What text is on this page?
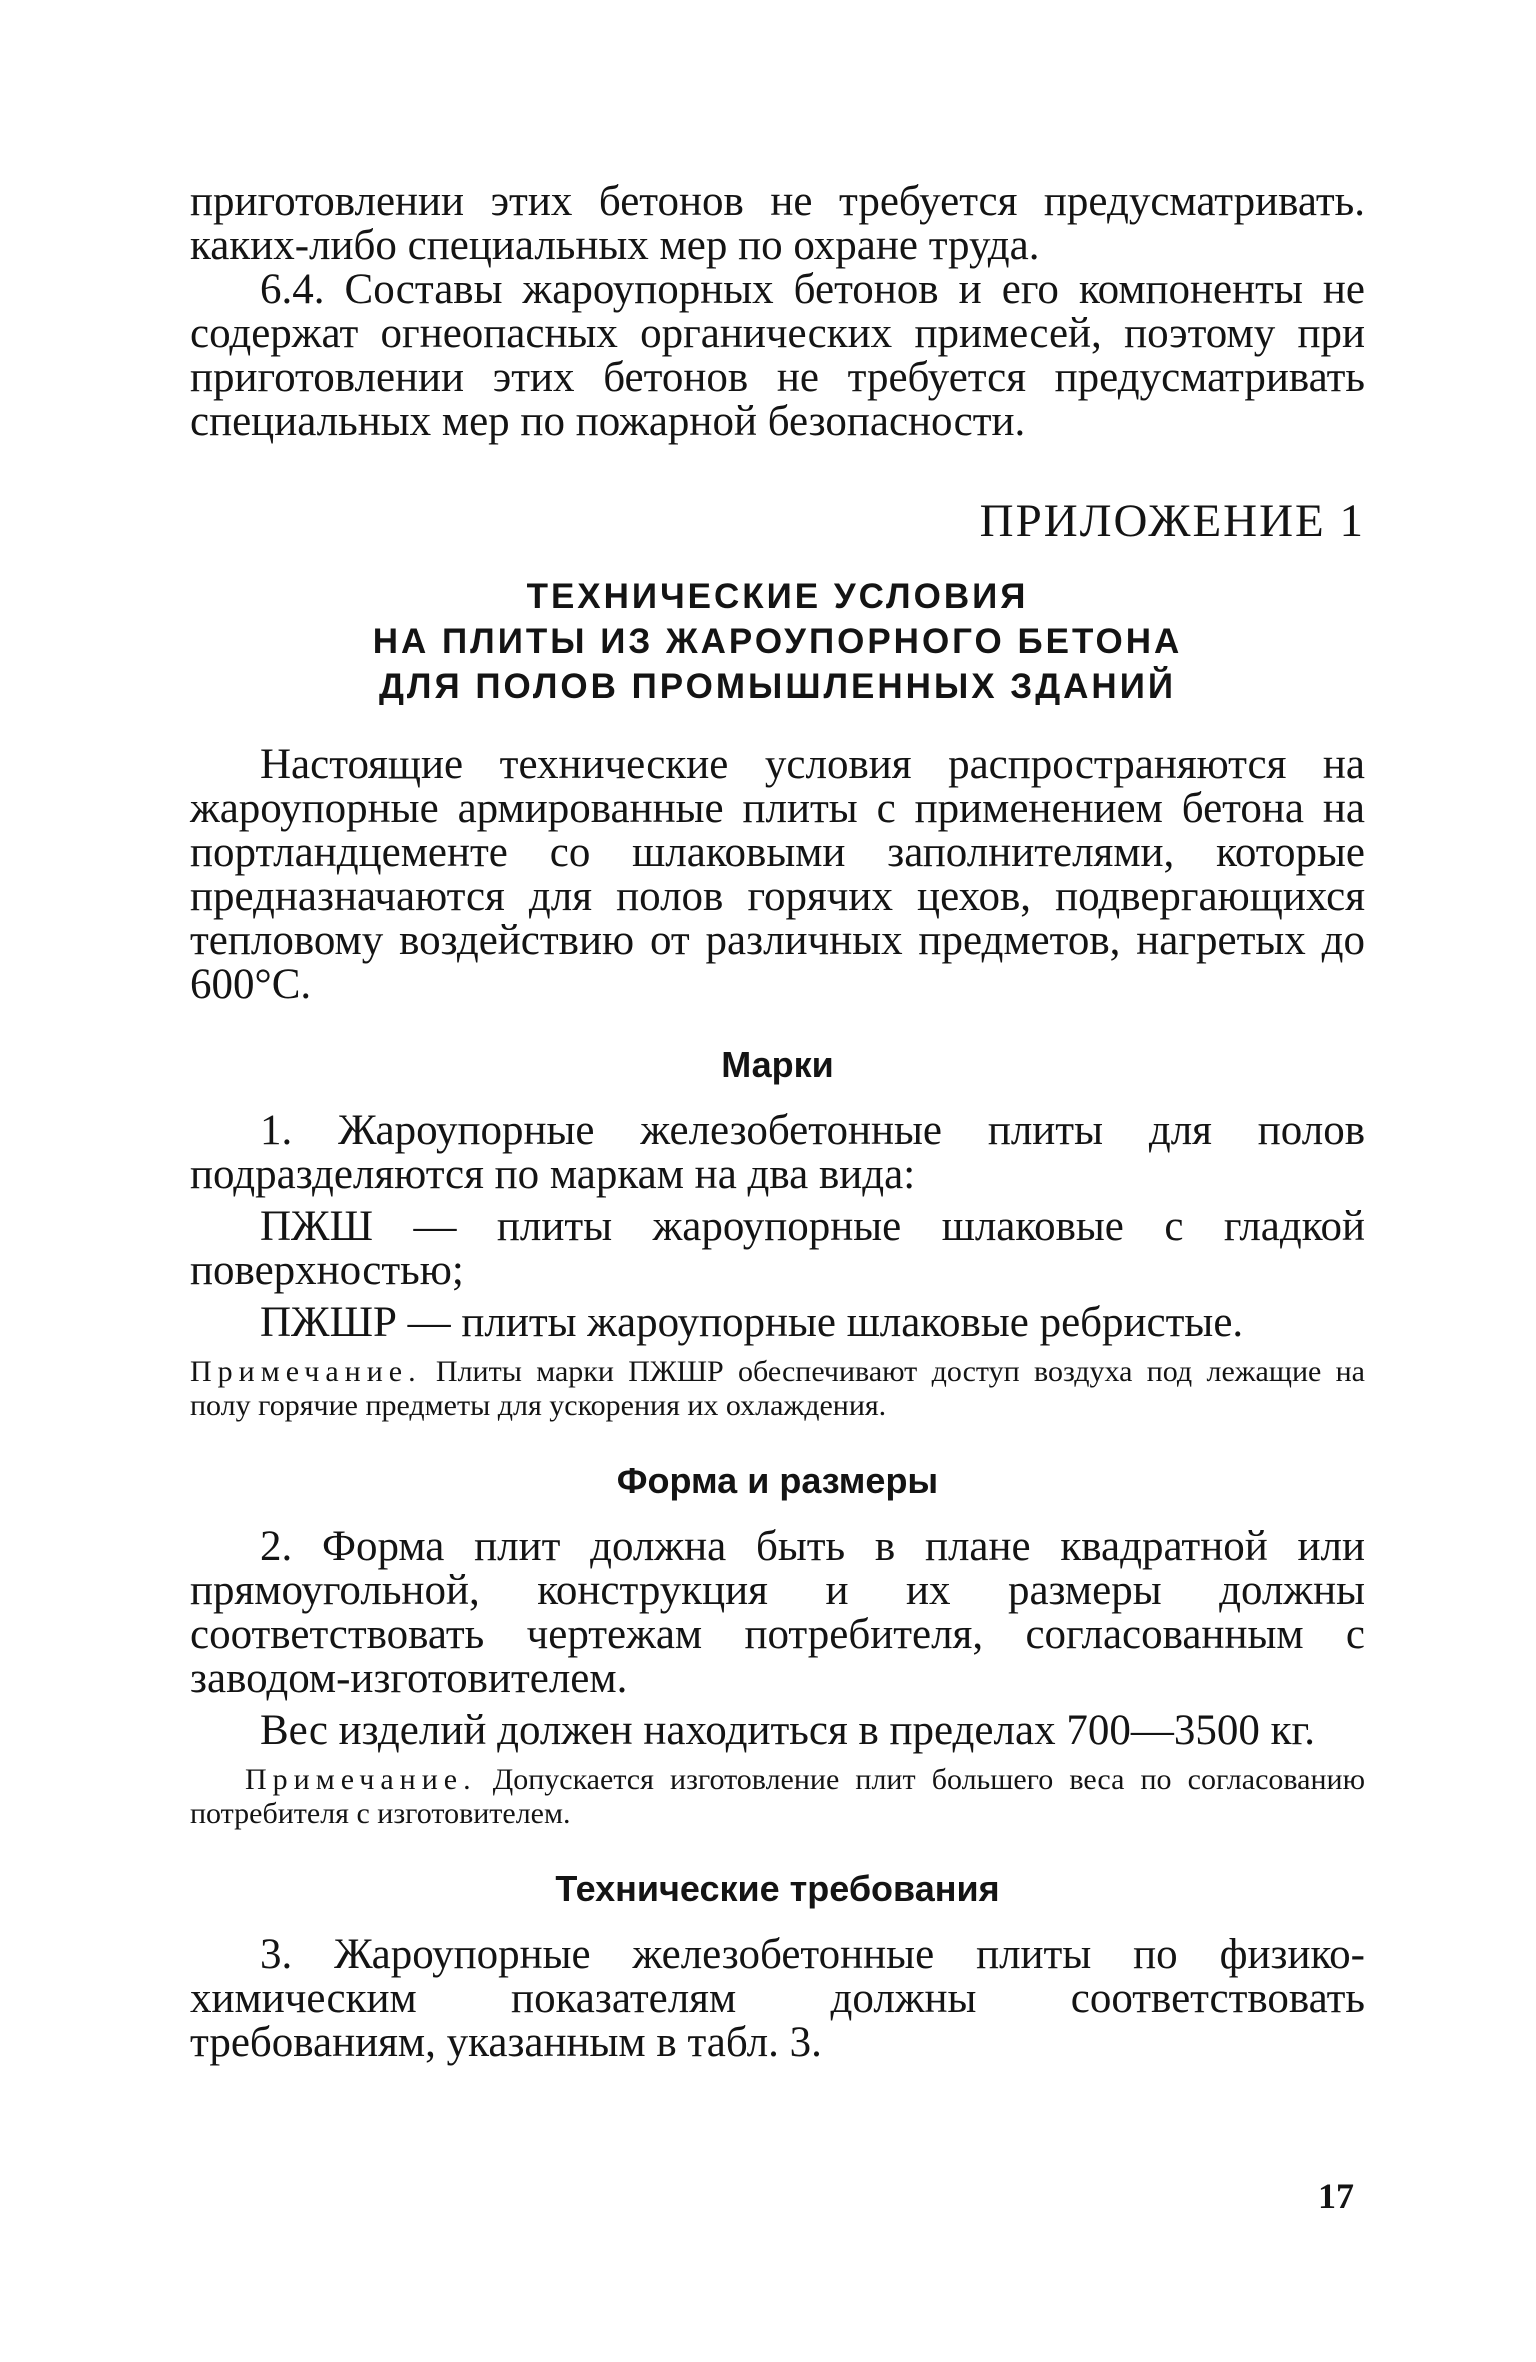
приготовлении этих бетонов не требуется предусматривать. каких-либо специальных мер по охране труда.

6.4. Составы жароупорных бетонов и его компоненты не содержат огнеопасных органических примесей, поэтому при приготовлении этих бетонов не требуется предусматривать специальных мер по пожарной безопасности.

ПРИЛОЖЕНИЕ 1
ТЕХНИЧЕСКИЕ УСЛОВИЯ
НА ПЛИТЫ ИЗ ЖАРОУПОРНОГО БЕТОНА
ДЛЯ ПОЛОВ ПРОМЫШЛЕННЫХ ЗДАНИЙ

Настоящие технические условия распространяются на жароупорные армированные плиты с применением бетона на портландцементе со шлаковыми заполнителями, которые предназначаются для полов горячих цехов, подвергающихся тепловому воздействию от различных предметов, нагретых до 600°С.

Марки

1. Жароупорные железобетонные плиты для полов подразделяются по маркам на два вида:

ПЖШ — плиты жароупорные шлаковые с гладкой поверхностью;

ПЖШР — плиты жароупорные шлаковые ребристые.

Примечание. Плиты марки ПЖШР обеспечивают доступ воздуха под лежащие на полу горячие предметы для ускорения их охлаждения.
Форма и размеры

2. Форма плит должна быть в плане квадратной или прямоугольной, конструкция и их размеры должны соответствовать чертежам потребителя, согласованным с заводом-изготовителем.

Вес изделий должен находиться в пределах 700—3500 кг.

Примечание. Допускается изготовление плит большего веса по согласованию потребителя с изготовителем.
Технические требования

3. Жароупорные железобетонные плиты по физико-химическим показателям должны соответствовать требованиям, указанным в табл. 3.

17
